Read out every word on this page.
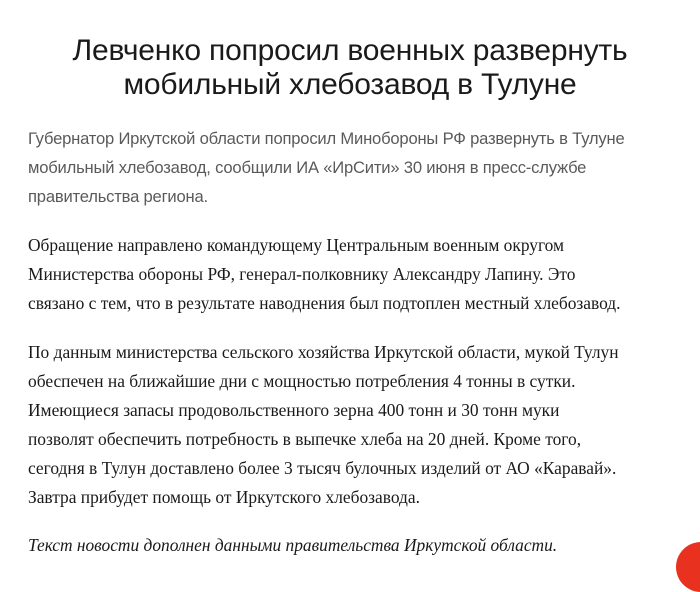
Левченко попросил военных развернуть
мобильный хлебозавод в Тулуне

Губернатор Иркутской области попросил Минобороны РФ развернуть в Тулуне
мобильный хлебозавод, сообщили ИА «ИрСити» 30 июня в пресс-службе
правительства региона.

Обращение направлено командующему Центральным военным округом
Министерства обороны РФ, генерал-полковнику Александру Лапину. Это
связано с тем, что в результате наводнения был подтоплен местный хлебозавод.

По данным министерства сельского хозяйства Иркутской области, мукой Тулун
обеспечен на ближайшие дни с мощностью потребления 4 тонны в сутки.
Имеющиеся запасы продовольственного зерна 400 тонн и 30 тонн муки
позволят обеспечить потребность в выпечке хлеба на 20 дней. Кроме того,
сегодня в Тулун доставлено более 3 тысяч булочных изделий от АО «Каравай».
Завтра прибудет помощь от Иркутского хлебозавода.

Текст новости дополнен данными правительства Иркутской области.
